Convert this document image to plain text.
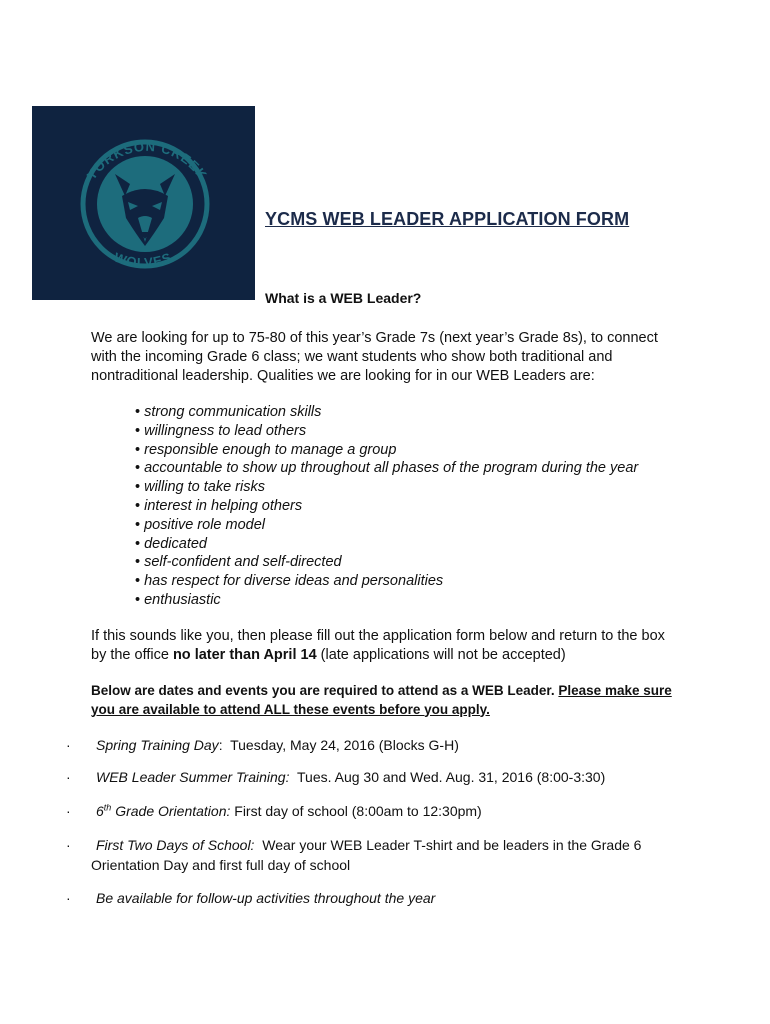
YORKSON CREEK
WOLVES
YCMS WEB LEADER APPLICATION FORM
What is a WEB Leader?

We are looking for up to 75-80 of this year’s Grade 7s (next year’s Grade 8s), to connect with the incoming Grade 6 class; we want students who show both traditional and nontraditional leadership. Qualities we are looking for in our WEB Leaders are:

• strong communication skills
• willingness to lead others
• responsible enough to manage a group
• accountable to show up throughout all phases of the program during the year
• willing to take risks
• interest in helping others
• positive role model
• dedicated
• self-confident and self-directed
• has respect for diverse ideas and personalities
• enthusiastic

If this sounds like you, then please fill out the application form below and return to the box by the office no later than April 14 (late applications will not be accepted)

Below are dates and events you are required to attend as a WEB Leader. Please make sure you are available to attend ALL these events before you apply.

· Spring Training Day:  Tuesday, May 24, 2016 (Blocks G-H)
· WEB Leader Summer Training:  Tues. Aug 30 and Wed. Aug. 31, 2016 (8:00-3:30)
· 6th Grade Orientation: First day of school (8:00am to 12:30pm)
· First Two Days of School:  Wear your WEB Leader T-shirt and be leaders in the Grade 6
Orientation Day and first full day of school
· Be available for follow-up activities throughout the year
